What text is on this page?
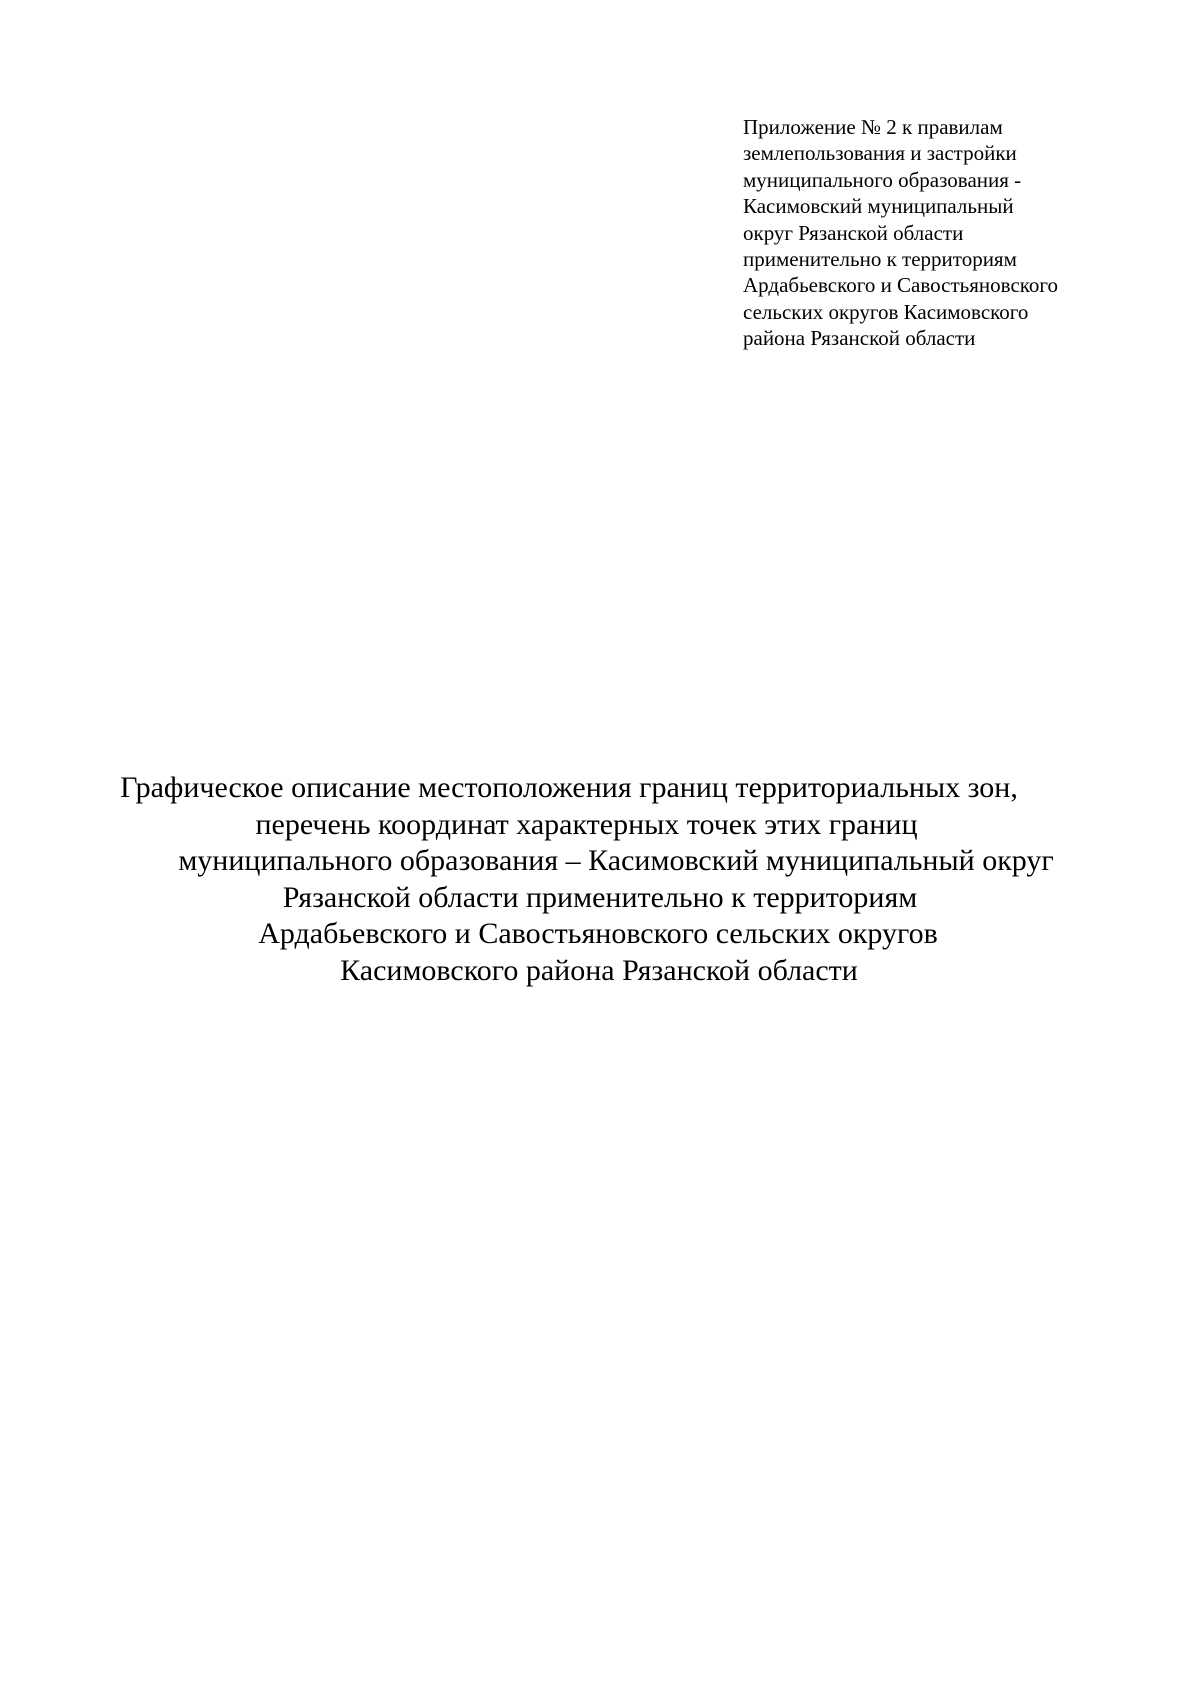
Приложение № 2 к правилам
землепользования и застройки
муниципального образования -
Касимовский муниципальный
округ Рязанской области
применительно к территориям
Ардабьевского и Савостьяновского
сельских округов Касимовского
района Рязанской области
Графическое описание местоположения границ территориальных зон,
перечень координат характерных точек этих границ
муниципального образования – Касимовский муниципальный округ
Рязанской области применительно к территориям
Ардабьевского и Савостьяновского сельских округов
Касимовского района Рязанской области
